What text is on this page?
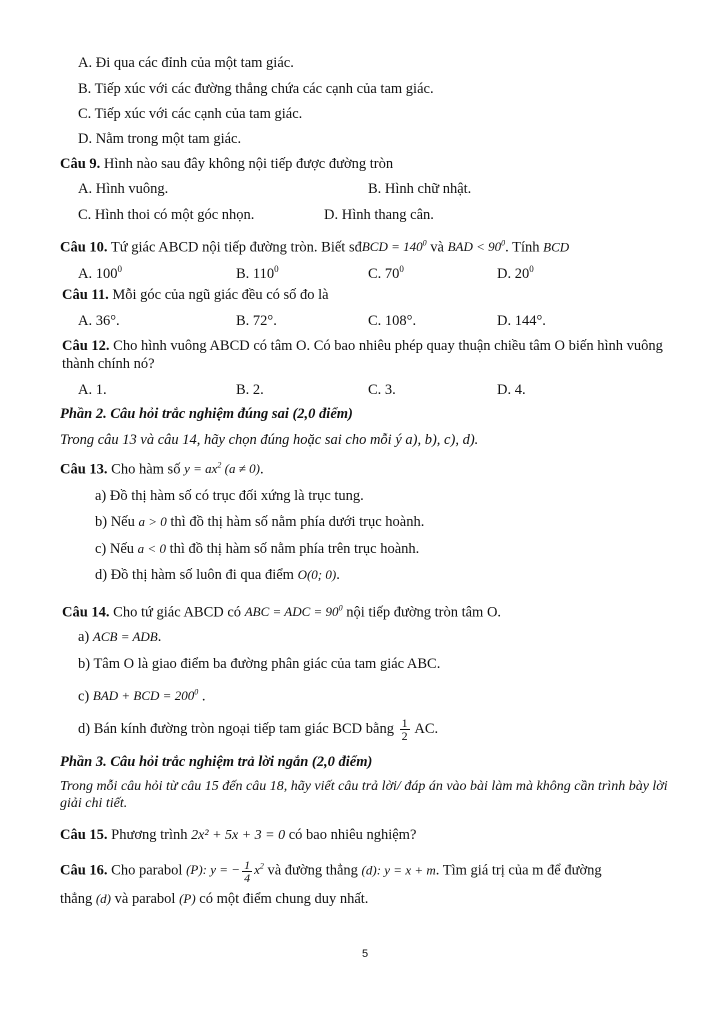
A. Đi qua các đỉnh của một tam giác.
B. Tiếp xúc với các đường thẳng chứa các cạnh của tam giác.
C. Tiếp xúc với các cạnh của tam giác.
D. Nằm trong một tam giác.
Câu 9. Hình nào sau đây không nội tiếp được đường tròn
A. Hình vuông.	B. Hình chữ nhật.
C. Hình thoi có một góc nhọn.	D. Hình thang cân.
Câu 10. Tứ giác ABCD nội tiếp đường tròn. Biết sđBCD = $140^0$ và BAD < $90^0$. Tính BCD
A. $100^0$	B. $110^0$	C. $70^0$	D. $20^0$
Câu 11. Mỗi góc của ngũ giác đều có số đo là
A. 36°.	B. 72°.	C. 108°.	D. 144°.
Câu 12. Cho hình vuông ABCD có tâm O. Có bao nhiêu phép quay thuận chiều tâm O biến hình vuông thành chính nó?
A. 1.	B. 2.	C. 3.	D. 4.
Phần 2. Câu hỏi trắc nghiệm đúng sai (2,0 điểm)
Trong câu 13 và câu 14, hãy chọn đúng hoặc sai cho mỗi ý a), b), c), d).
Câu 13. Cho hàm số $y = ax^2$ (a ≠ 0).
a) Đồ thị hàm số có trục đối xứng là trục tung.
b) Nếu a > 0 thì đồ thị hàm số nằm phía dưới trục hoành.
c) Nếu a < 0 thì đồ thị hàm số nằm phía trên trục hoành.
d) Đồ thị hàm số luôn đi qua điểm O(0; 0).
Câu 14. Cho tứ giác ABCD có ABC = ADC = $90^0$ nội tiếp đường tròn tâm O.
a) ACB = ADB.
b) Tâm O là giao điểm ba đường phân giác của tam giác ABC.
c) BAD + BCD = $200^0$ .
d) Bán kính đường tròn ngoại tiếp tam giác BCD bằng $\frac{1}{2}$ AC.
Phần 3. Câu hỏi trắc nghiệm trả lời ngắn (2,0 điểm)
Trong mỗi câu hỏi từ câu 15 đến câu 18, hãy viết câu trả lời/ đáp án vào bài làm mà không cần trình bày lời giải chi tiết.
Câu 15. Phương trình 2x² + 5x + 3 = 0 có bao nhiêu nghiệm?
Câu 16. Cho parabol (P): y = − $\frac{1}{4} x^2$ và đường thẳng (d): y = x + m. Tìm giá trị của m để đường
thẳng (d) và parabol (P) có một điểm chung duy nhất.
5
